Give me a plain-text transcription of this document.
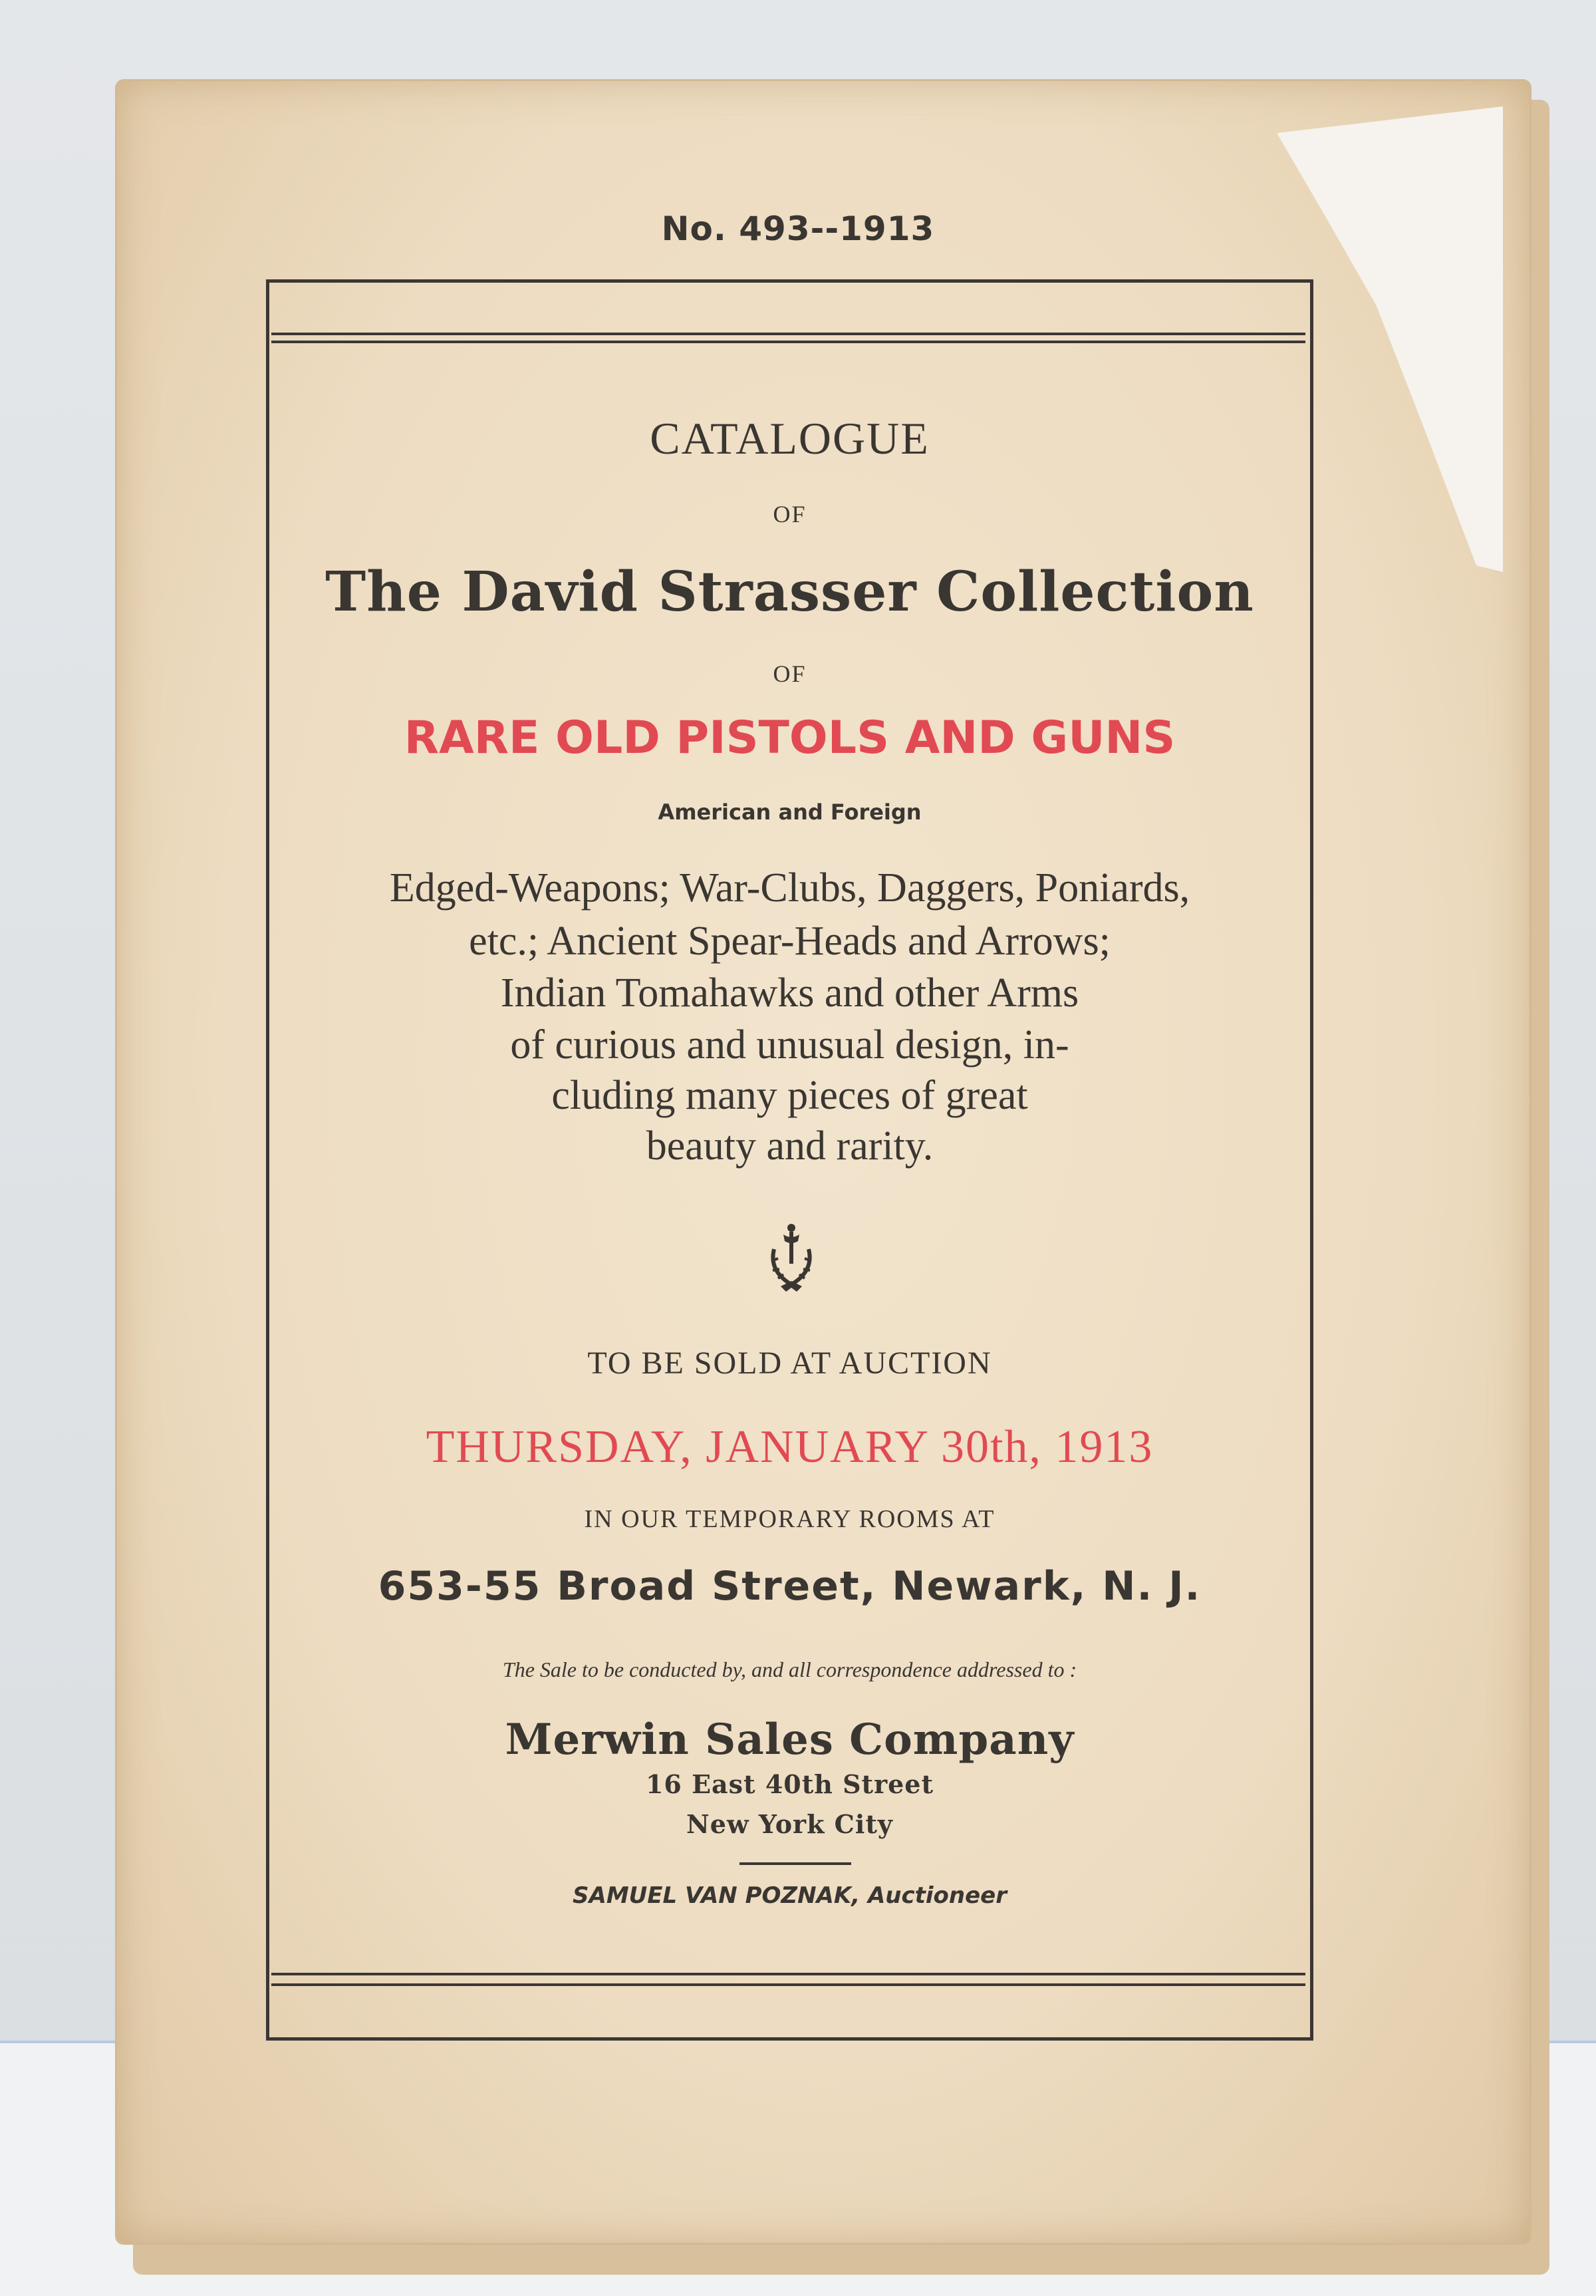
No. 493--1913
CATALOGUE
OF
The David Strasser Collection
OF
RARE OLD PISTOLS AND GUNS
American and Foreign
Edged-Weapons; War-Clubs, Daggers, Poniards,
etc.; Ancient Spear-Heads and Arrows;
Indian Tomahawks and other Arms
of curious and unusual design, in-
cluding many pieces of great
beauty and rarity.
TO BE SOLD AT AUCTION
THURSDAY, JANUARY 30th, 1913
IN OUR TEMPORARY ROOMS AT
653-55 Broad Street, Newark, N. J.
The Sale to be conducted by, and all correspondence addressed to :
Merwin Sales Company
16 East 40th Street
New York City
SAMUEL VAN POZNAK, Auctioneer
